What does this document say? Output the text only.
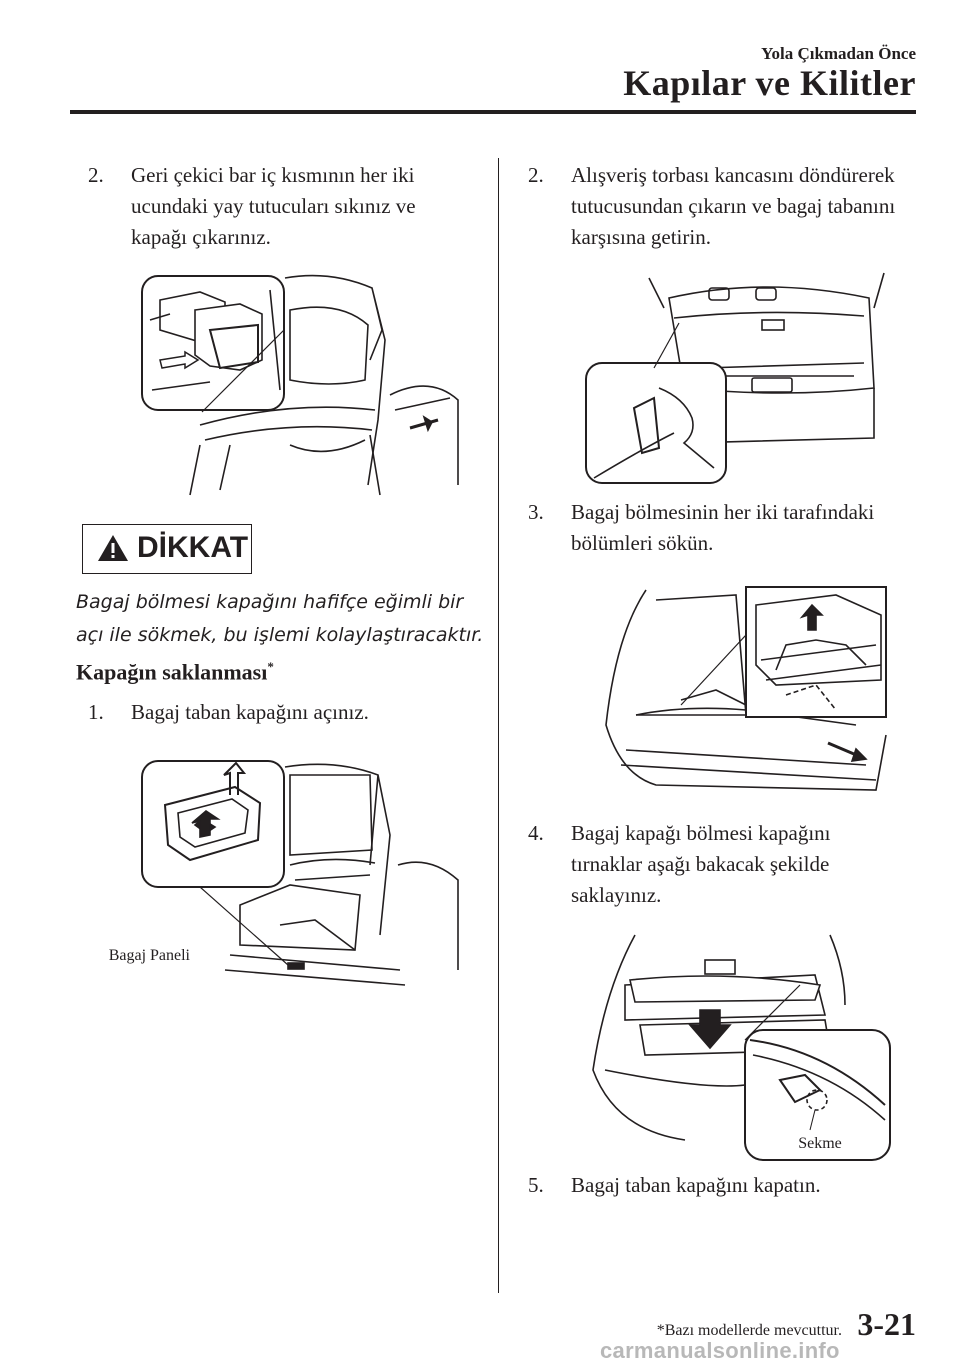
Yola Çıkmadan Önce
Kapılar ve Kilitler
2.	Geri çekici bar iç kısmının her iki
ucundaki yay tutucuları sıkınız ve
kapağı çıkarınız.
DİKKAT
Bagaj bölmesi kapağını hafifçe eğimli bir açı ile sökmek, bu işlemi kolaylaştıracaktır.
Kapağın saklanması*
1.	Bagaj taban kapağını açınız.
Bagaj Paneli
2.	Alışveriş torbası kancasını döndürerek
tutucusundan çıkarın ve bagaj tabanını
karşısına getirin.
3.	Bagaj bölmesinin her iki tarafındaki
bölümleri sökün.
4.	Bagaj kapağı bölmesi kapağını
tırnaklar aşağı bakacak şekilde
saklayınız.
Sekme
5.	Bagaj taban kapağını kapatın.
*Bazı modellerde mevcuttur. 3-21
carmanualsonline.info
